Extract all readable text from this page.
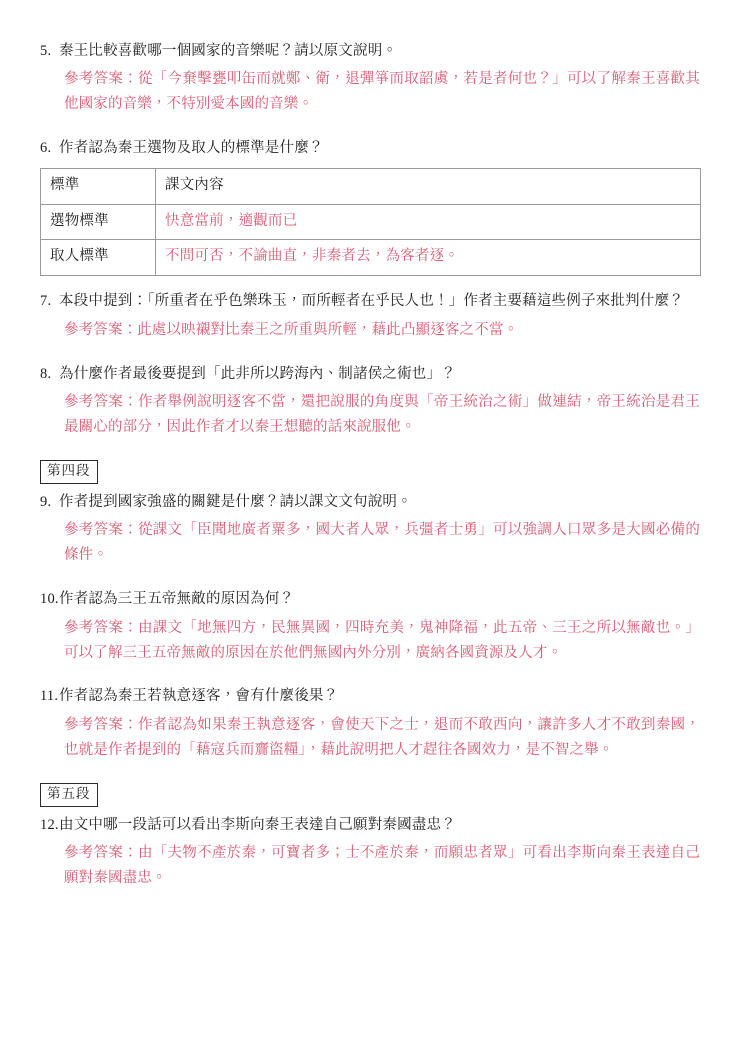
5. 秦王比較喜歡哪一個國家的音樂呢？請以原文說明。
參考答案：從「今棄擊甕叩缶而就鄭、衛，退彈箏而取韶虞，若是者何也？」可以了解秦王喜歡其他國家的音樂，不特別愛本國的音樂。
6. 作者認為秦王選物及取人的標準是什麼？
標準	課文內容
選物標準	快意當前，適觀而已
取人標準	不問可否，不論曲直，非秦者去，為客者逐。
7. 本段中提到：「所重者在乎色樂珠玉，而所輕者在乎民人也！」作者主要藉這些例子來批判什麼？
參考答案：此處以映襯對比秦王之所重與所輕，藉此凸顯逐客之不當。
8. 為什麼作者最後要提到「此非所以跨海內、制諸侯之術也」？
參考答案：作者舉例說明逐客不當，還把說服的角度與「帝王統治之術」做連結，帝王統治是君王最關心的部分，因此作者才以秦王想聽的話來說服他。
第四段
9. 作者提到國家強盛的關鍵是什麼？請以課文文句說明。
參考答案：從課文「臣聞地廣者粟多，國大者人眾，兵彊者士勇」可以強調人口眾多是大國必備的條件。
10. 作者認為三王五帝無敵的原因為何？
參考答案：由課文「地無四方，民無異國，四時充美，鬼神降福，此五帝、三王之所以無敵也。」可以了解三王五帝無敵的原因在於他們無國內外分別，廣納各國資源及人才。
11. 作者認為秦王若執意逐客，會有什麼後果？
參考答案：作者認為如果秦王執意逐客，會使天下之士，退而不敢西向，讓許多人才不敢到秦國，也就是作者提到的「藉寇兵而齎盜糧」，藉此說明把人才趕往各國效力，是不智之舉。
第五段
12. 由文中哪一段話可以看出李斯向秦王表達自己願對秦國盡忠？
參考答案：由「夫物不產於秦，可寶者多；士不產於秦，而願忠者眾」可看出李斯向秦王表達自己願對秦國盡忠。
